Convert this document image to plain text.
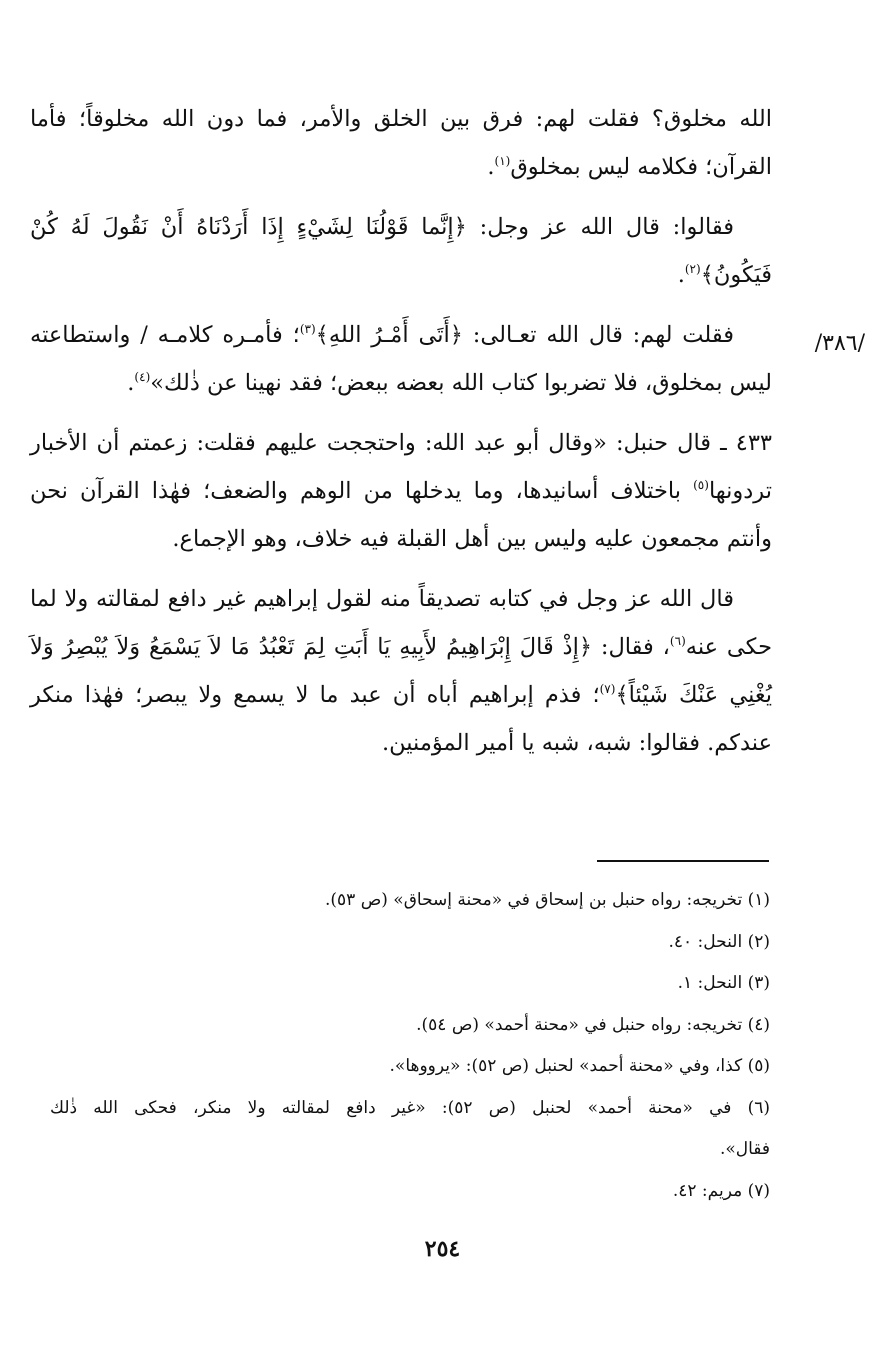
/٣٨٦/

الله مخلوق؟ فقلت لهم: فرق بين الخلق والأمر، فما دون الله مخلوقاً؛ فأما القرآن؛ فكلامه ليس بمخلوق$^{(١)}$.

فقالوا: قال الله عز وجل: ﴿إِنَّما قَوْلُنَا لِشَيْءٍ إِذَا أَرَدْنَاهُ أَنْ نَقُولَ لَهُ كُنْ فَيَكُونُ﴾$^{(٢)}$.

فقلت لهم: قال الله تعـالى: ﴿أَتَى أَمْـرُ اللهِ﴾$^{(٣)}$؛ فأمـره كلامـه / واستطاعته ليس بمخلوق، فلا تضربوا كتاب الله بعضه ببعض؛ فقد نهينا عن ذٰلك»$^{(٤)}$.

٤٣٣ ـ قال حنبل: «وقال أبو عبد الله: واحتججت عليهم فقلت: زعمتم أن الأخبار تردونها$^{(٥)}$ باختلاف أسانيدها، وما يدخلها من الوهم والضعف؛ فهٰذا القرآن نحن وأنتم مجمعون عليه وليس بين أهل القبلة فيه خلاف، وهو الإجماع.

قال الله عز وجل في كتابه تصديقاً منه لقول إبراهيم غير دافع لمقالته ولا لما حكى عنه$^{(٦)}$، فقال: ﴿إِذْ قَالَ إِبْرَاهِيمُ لأَبِيهِ يَا أَبَتِ لِمَ تَعْبُدُ مَا لاَ يَسْمَعُ وَلاَ يُبْصِرُ وَلاَ يُغْنِي عَنْكَ شَيْئاً﴾$^{(٧)}$؛ فذم إبراهيم أباه أن عبد ما لا يسمع ولا يبصر؛ فهٰذا منكر عندكم. فقالوا: شبه، شبه يا أمير المؤمنين.

(١) تخريجه: رواه حنبل بن إسحاق في «محنة إسحاق» (ص ٥٣).

(٢) النحل: ٤٠.

(٣) النحل: ١.

(٤) تخريجه: رواه حنبل في «محنة أحمد» (ص ٥٤).

(٥) كذا، وفي «محنة أحمد» لحنبل (ص ٥٢): «يرووها».

(٦) في «محنة أحمد» لحنبل (ص ٥٢): «غير دافع لمقالته ولا منكر، فحكى الله ذٰلك

فقال».

(٧) مريم: ٤٢.

٢٥٤
